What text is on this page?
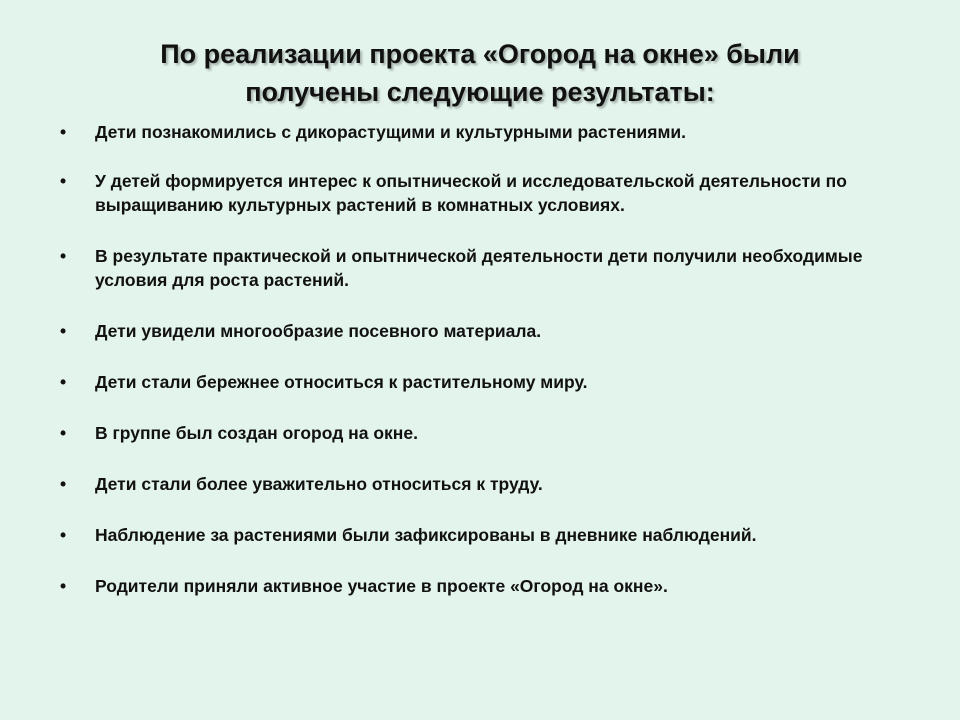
По реализации проекта «Огород на окне» были
получены следующие результаты:
• Дети познакомились с дикорастущими и культурными растениями.
• У детей формируется интерес к опытнической и исследовательской деятельности по выращиванию культурных растений в комнатных условиях.
• В результате практической и опытнической деятельности дети получили необходимые условия для роста растений.
• Дети увидели многообразие посевного материала.
• Дети стали бережнее относиться к растительному миру.
• В группе был создан огород на окне.
• Дети стали более уважительно относиться к труду.
• Наблюдение за растениями были зафиксированы в дневнике наблюдений.
• Родители приняли активное участие в проекте «Огород на окне».
